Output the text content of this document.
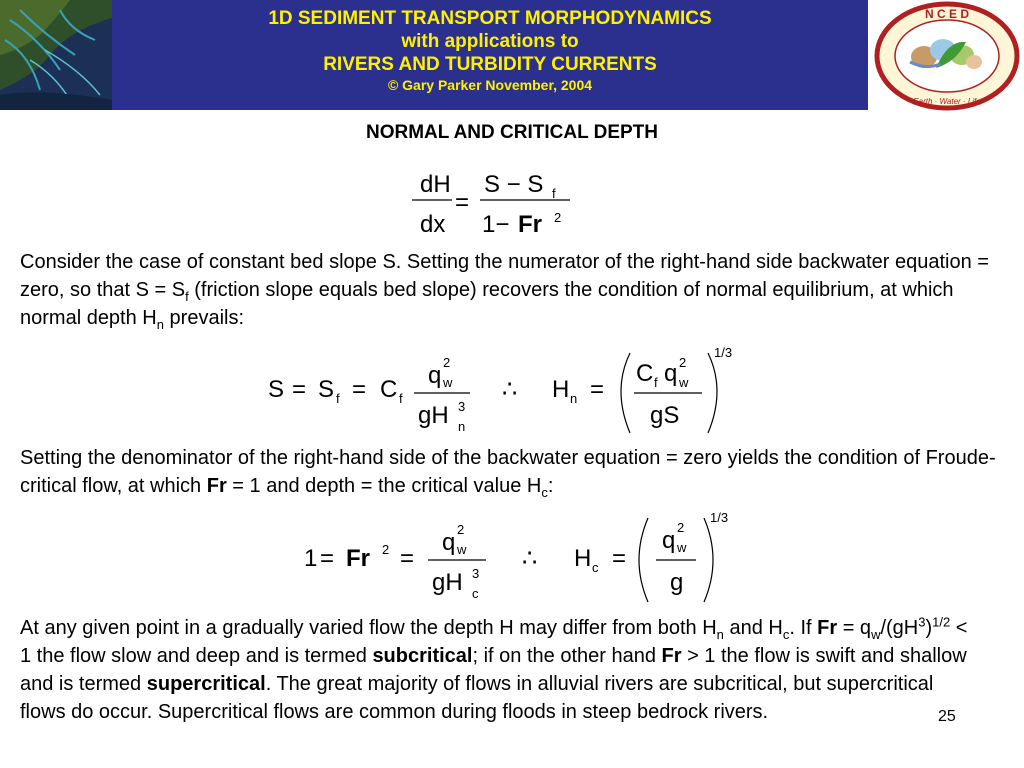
1D SEDIMENT TRANSPORT MORPHODYNAMICS
with applications to
RIVERS AND TURBIDITY CURRENTS
© Gary Parker November, 2004
N C E D
Earth · Water · Life
NORMAL AND CRITICAL DEPTH
dH
dx
=
S − S f
1− Fr 2
Consider the case of constant bed slope S. Setting the numerator of the right-hand side backwater equation = zero, so that $S = S_f$ (friction slope equals bed slope) recovers the condition of normal equilibrium, at which normal depth $H_n$ prevails:
S = S f = C f
q 2
w
gH 3
n
∴ H n =
C f q 2
w
gS
1/3
Setting the denominator of the right-hand side of the backwater equation = zero yields the condition of Froude-critical flow, at which Fr = 1 and depth = the critical value $H_c$:
1 = Fr 2 =
q 2
w
gH 3
c
∴ H c =
q 2
w
g
1/3
At any given point in a gradually varied flow the depth H may differ from both $H_n$ and $H_c$. If $Fr = q_w/(gH^3)^{1/2} < 1$ the flow slow and deep and is termed subcritical; if on the other hand Fr > 1 the flow is swift and shallow and is termed supercritical. The great majority of flows in alluvial rivers are subcritical, but supercritical flows do occur. Supercritical flows are common during floods in steep bedrock rivers.	25
